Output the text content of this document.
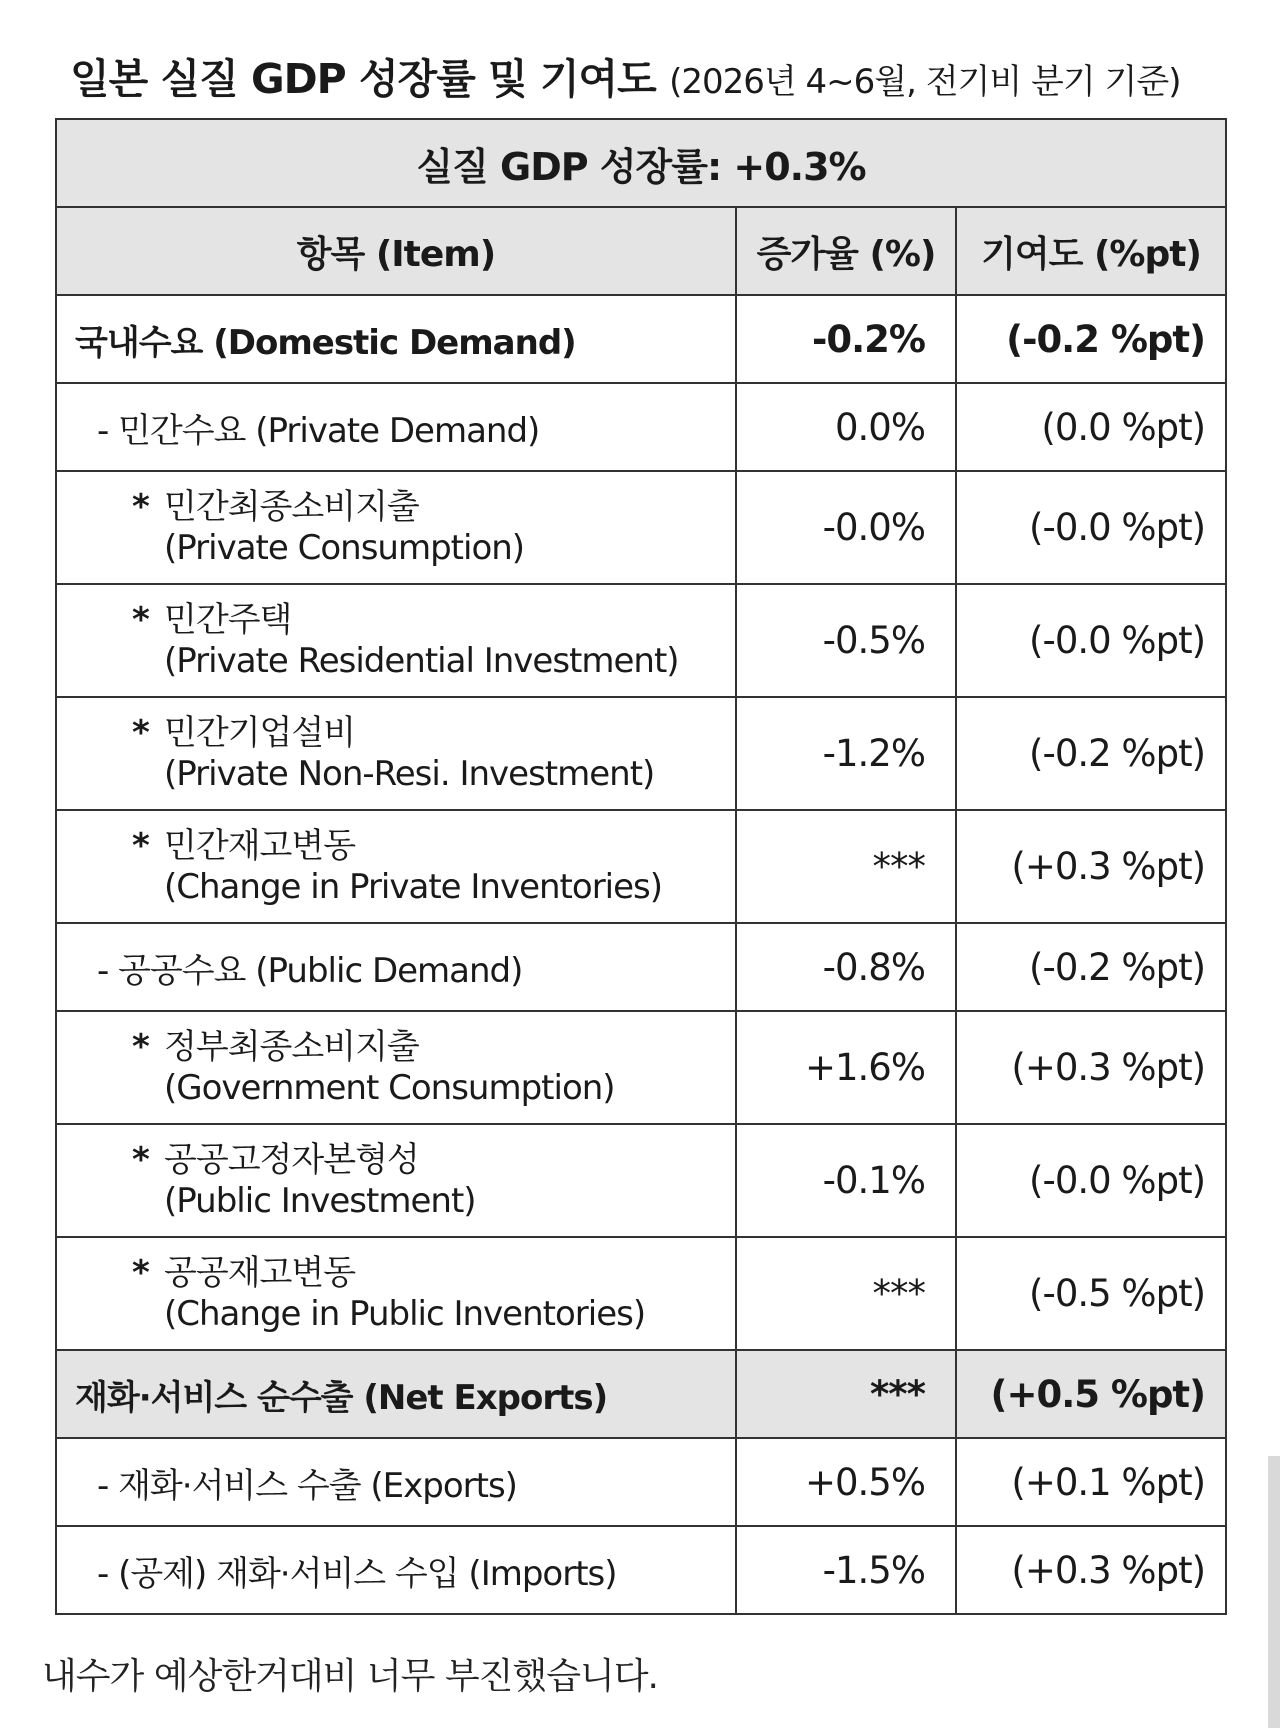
일본 실질 GDP 성장률 및 기여도 (2026년 4~6월, 전기비 분기 기준)
실질 GDP 성장률: +0.3%		
항목 (Item)	증가율 (%)	기여도 (%pt)
국내수요 (Domestic Demand)	-0.2%	(-0.2 %pt)
- 민간수요 (Private Demand)	0.0%	(0.0 %pt)
* 민간최종소비지출
(Private Consumption)	-0.0%	(-0.0 %pt)
* 민간주택
(Private Residential Investment)	-0.5%	(-0.0 %pt)
* 민간기업설비
(Private Non-Resi. Investment)	-1.2%	(-0.2 %pt)
* 민간재고변동
(Change in Private Inventories)	***	(+0.3 %pt)
- 공공수요 (Public Demand)	-0.8%	(-0.2 %pt)
* 정부최종소비지출
(Government Consumption)	+1.6%	(+0.3 %pt)
* 공공고정자본형성
(Public Investment)	-0.1%	(-0.0 %pt)
* 공공재고변동
(Change in Public Inventories)	***	(-0.5 %pt)
재화·서비스 순수출 (Net Exports)	***	(+0.5 %pt)
- 재화·서비스 수출 (Exports)	+0.5%	(+0.1 %pt)
- (공제) 재화·서비스 수입 (Imports)	-1.5%	(+0.3 %pt)
내수가 예상한거대비 너무 부진했습니다.
